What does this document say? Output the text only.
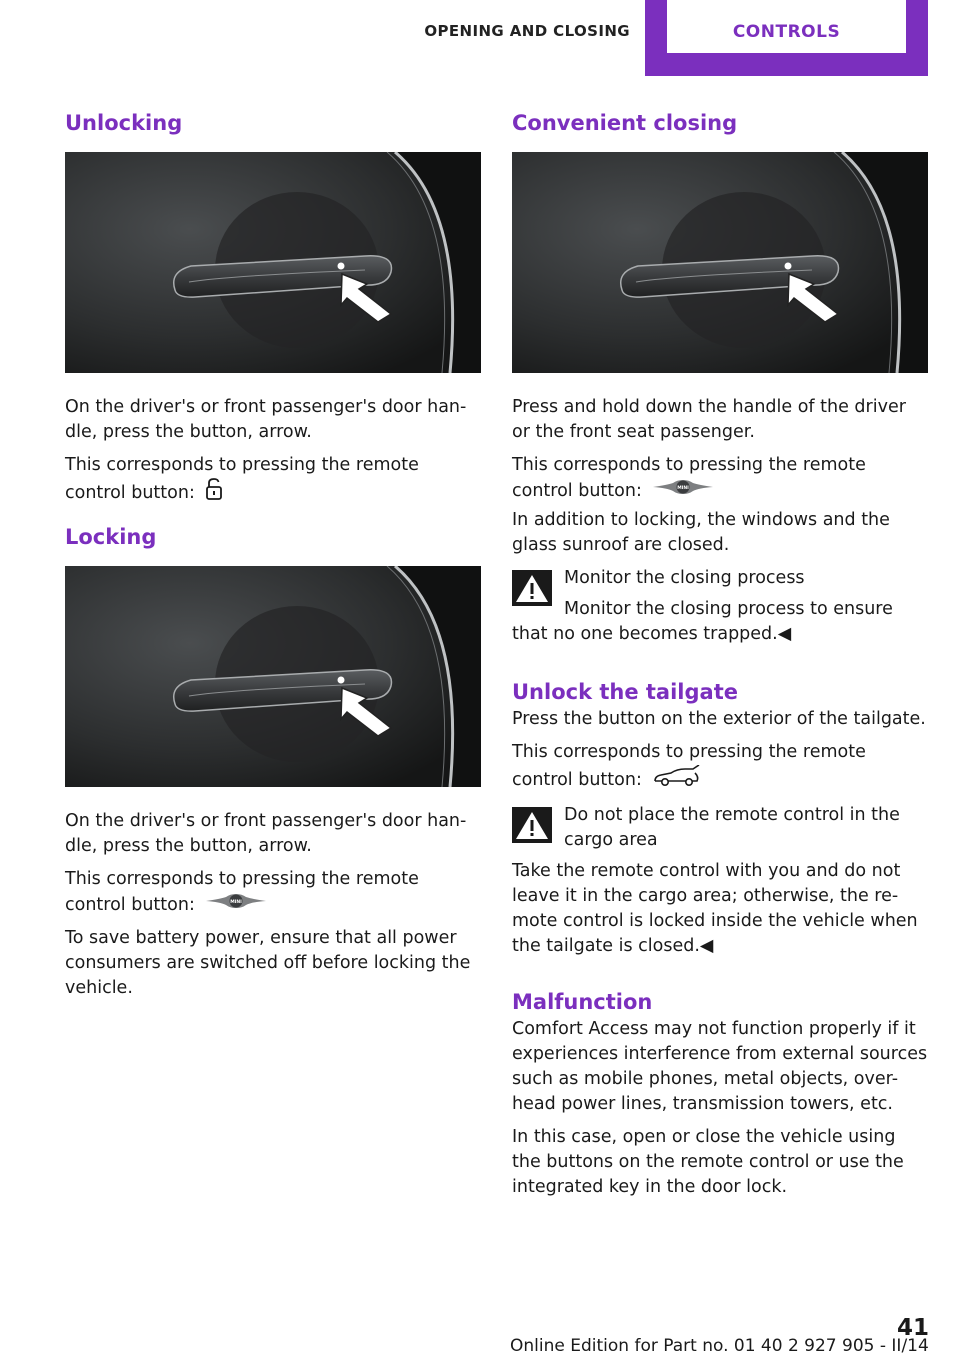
OPENING AND CLOSING	CONTROLS
Unlocking

On the driver's or front passenger's door han-dle, press the button, arrow.

This corresponds to pressing the remote control button:

Locking

On the driver's or front passenger's door han-dle, press the button, arrow.

This corresponds to pressing the remote control button:

To save battery power, ensure that all power consumers are switched off before locking the vehicle.

Convenient closing

Press and hold down the handle of the driver or the front seat passenger.

This corresponds to pressing the remote control button:

In addition to locking, the windows and the glass sunroof are closed.

Monitor the closing process

Monitor the closing process to ensure

that no one becomes trapped.◀

Unlock the tailgate

Press the button on the exterior of the tailgate.

This corresponds to pressing the remote control button:

Do not place the remote control in the cargo area

Take the remote control with you and do not leave it in the cargo area; otherwise, the re-mote control is locked inside the vehicle when the tailgate is closed.◀

Malfunction

Comfort Access may not function properly if it experiences interference from external sources such as mobile phones, metal objects, over-head power lines, transmission towers, etc.

In this case, open or close the vehicle using the buttons on the remote control or use the integrated key in the door lock.

Online Edition for Part no. 01 40 2 927 905 - II/14
41
